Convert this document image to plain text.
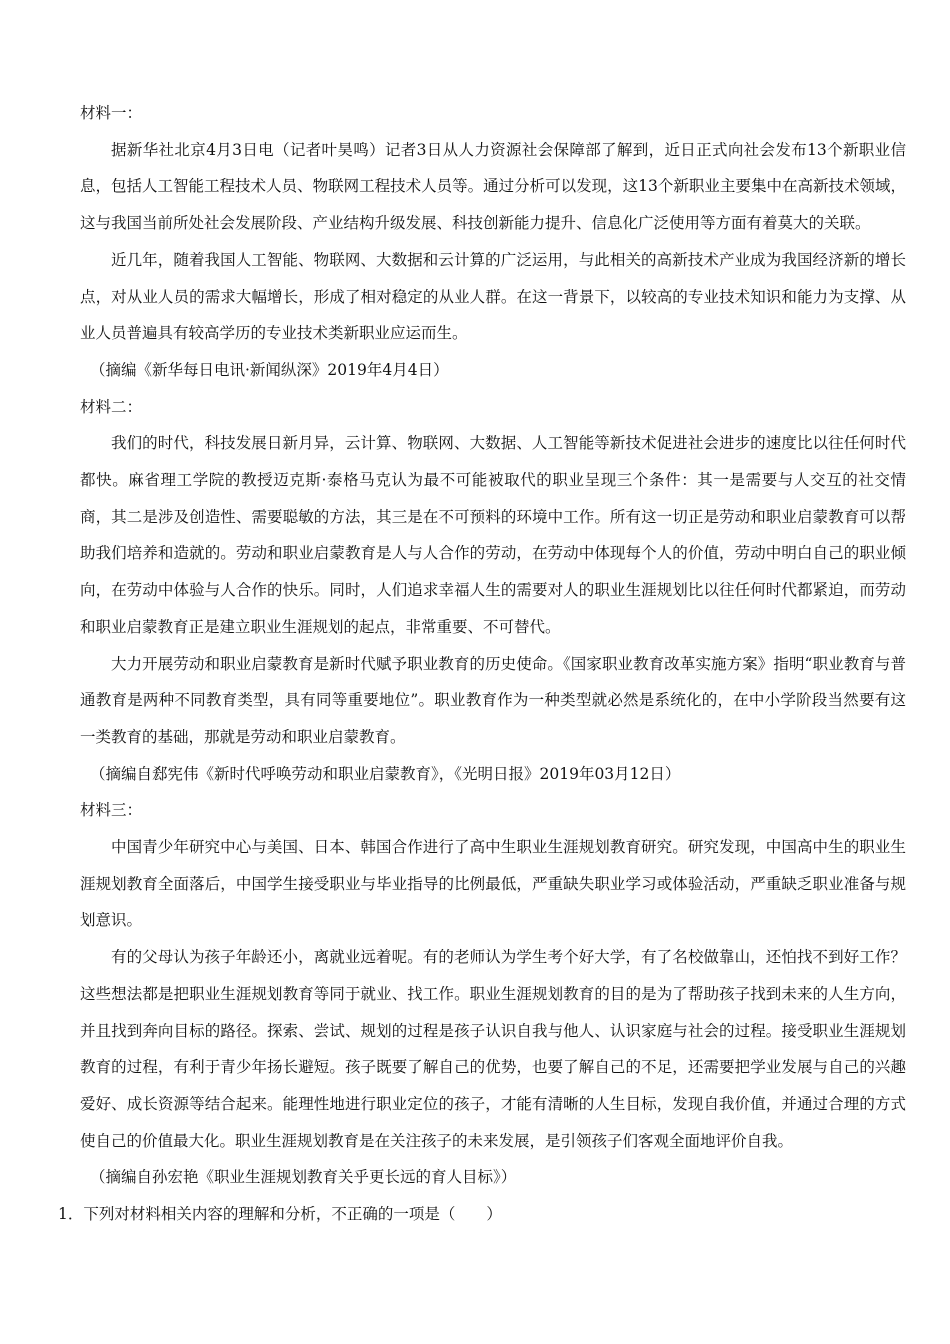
材料一：

据新华社北京4月3日电（记者叶昊鸣）记者3日从人力资源社会保障部了解到，近日正式向社会发布13个新职业信息，包括人工智能工程技术人员、物联网工程技术人员等。通过分析可以发现，这13个新职业主要集中在高新技术领域，这与我国当前所处社会发展阶段、产业结构升级发展、科技创新能力提升、信息化广泛使用等方面有着莫大的关联。

近几年，随着我国人工智能、物联网、大数据和云计算的广泛运用，与此相关的高新技术产业成为我国经济新的增长点，对从业人员的需求大幅增长，形成了相对稳定的从业人群。在这一背景下，以较高的专业技术知识和能力为支撑、从业人员普遍具有较高学历的专业技术类新职业应运而生。

（摘编《新华每日电讯·新闻纵深》2019年4月4日）

材料二：

我们的时代，科技发展日新月异，云计算、物联网、大数据、人工智能等新技术促进社会进步的速度比以往任何时代都快。麻省理工学院的教授迈克斯·泰格马克认为最不可能被取代的职业呈现三个条件：其一是需要与人交互的社交情商，其二是涉及创造性、需要聪敏的方法，其三是在不可预料的环境中工作。所有这一切正是劳动和职业启蒙教育可以帮助我们培养和造就的。劳动和职业启蒙教育是人与人合作的劳动，在劳动中体现每个人的价值，劳动中明白自己的职业倾向，在劳动中体验与人合作的快乐。同时，人们追求幸福人生的需要对人的职业生涯规划比以往任何时代都紧迫，而劳动和职业启蒙教育正是建立职业生涯规划的起点，非常重要、不可替代。

大力开展劳动和职业启蒙教育是新时代赋予职业教育的历史使命。《国家职业教育改革实施方案》指明“职业教育与普通教育是两种不同教育类型，具有同等重要地位”。职业教育作为一种类型就必然是系统化的，在中小学阶段当然要有这一类教育的基础，那就是劳动和职业启蒙教育。

（摘编自郄宪伟《新时代呼唤劳动和职业启蒙教育》，《光明日报》2019年03月12日）

材料三：

中国青少年研究中心与美国、日本、韩国合作进行了高中生职业生涯规划教育研究。研究发现，中国高中生的职业生涯规划教育全面落后，中国学生接受职业与毕业指导的比例最低，严重缺失职业学习或体验活动，严重缺乏职业准备与规划意识。

有的父母认为孩子年龄还小，离就业远着呢。有的老师认为学生考个好大学，有了名校做靠山，还怕找不到好工作？这些想法都是把职业生涯规划教育等同于就业、找工作。职业生涯规划教育的目的是为了帮助孩子找到未来的人生方向，并且找到奔向目标的路径。探索、尝试、规划的过程是孩子认识自我与他人、认识家庭与社会的过程。接受职业生涯规划教育的过程，有利于青少年扬长避短。孩子既要了解自己的优势，也要了解自己的不足，还需要把学业发展与自己的兴趣爱好、成长资源等结合起来。能理性地进行职业定位的孩子，才能有清晰的人生目标，发现自我价值，并通过合理的方式使自己的价值最大化。职业生涯规划教育是在关注孩子的未来发展，是引领孩子们客观全面地评价自我。

（摘编自孙宏艳《职业生涯规划教育关乎更长远的育人目标》）

1．下列对材料相关内容的理解和分析，不正确的一项是（　　）
